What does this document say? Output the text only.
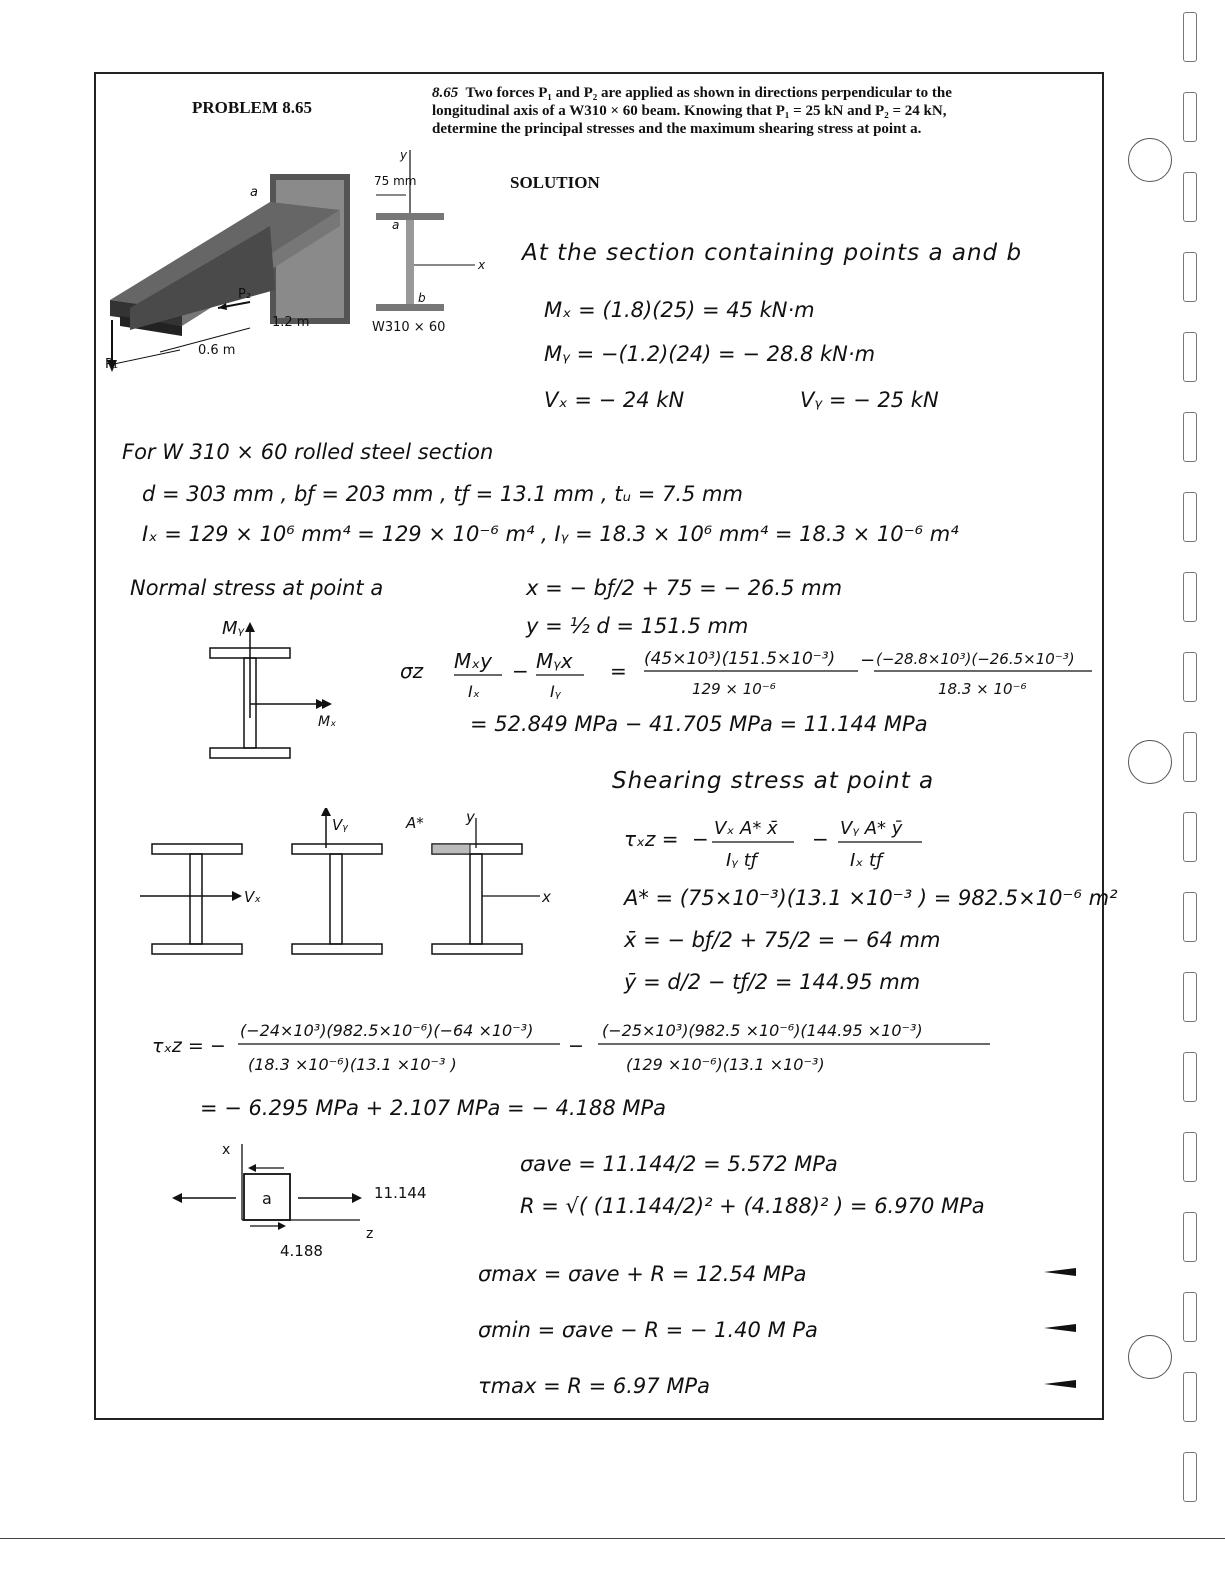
PROBLEM 8.65
8.65 Two forces P₁ and P₂ are applied as shown in directions perpendicular to the
longitudinal axis of a W310 × 60 beam. Knowing that P₁ = 25 kN and P₂ = 24 kN,
determine the principal stresses and the maximum shearing stress at point a.
a
P₂
P₁
1.2 m
0.6 m
y
75 mm
x
a
b
W310 × 60
SOLUTION
At the section containing points a and b
Mₓ = (1.8)(25) = 45 kN·m
Mᵧ = −(1.2)(24) = − 28.8 kN·m
Vₓ = − 24 kN	Vᵧ = − 25 kN
For W 310 × 60 rolled steel section
d = 303 mm , bƒ = 203 mm , tƒ = 13.1 mm , tᵤ = 7.5 mm
Iₓ = 129 × 10⁶ mm⁴ = 129 × 10⁻⁶ m⁴ , Iᵧ = 18.3 × 10⁶ mm⁴ = 18.3 × 10⁻⁶ m⁴
Normal stress at point a	x = − bƒ/2 + 75 = − 26.5 mm
y = ½ d = 151.5 mm
Mᵧ
Mₓ
σz Mₓy
Iₓ
− Mᵧx
Iᵧ
= (45×10³)(151.5×10⁻³)
129 × 10⁻⁶
− (−28.8×10³)(−26.5×10⁻³)
18.3 × 10⁻⁶
= 52.849 MPa − 41.705 MPa = 11.144 MPa
Shearing stress at point a
τₓz = − Vₓ A* x̄
Iᵧ tƒ
− Vᵧ A* ȳ
Iₓ tƒ
A* = (75×10⁻³)(13.1 ×10⁻³ ) = 982.5×10⁻⁶ m²
x̄ = − bƒ/2 + 75/2 = − 64 mm
ȳ = d/2 − tƒ/2 = 144.95 mm
Vₓ
Vᵧ	A*	y
x
τₓz = −
(−24×10³)(982.5×10⁻⁶)(−64 ×10⁻³)
(18.3 ×10⁻⁶)(13.1 ×10⁻³ )
−
(−25×10³)(982.5 ×10⁻⁶)(144.95 ×10⁻³)
(129 ×10⁻⁶)(13.1 ×10⁻³)
= − 6.295 MPa + 2.107 MPa = − 4.188 MPa
x
a
z
11.144
4.188
σave = 11.144/2 = 5.572 MPa
R = √( (11.144/2)² + (4.188)² ) = 6.970 MPa
σmax = σave + R = 12.54 MPa
σmin = σave − R = − 1.40 M Pa
τmax = R = 6.97 MPa
